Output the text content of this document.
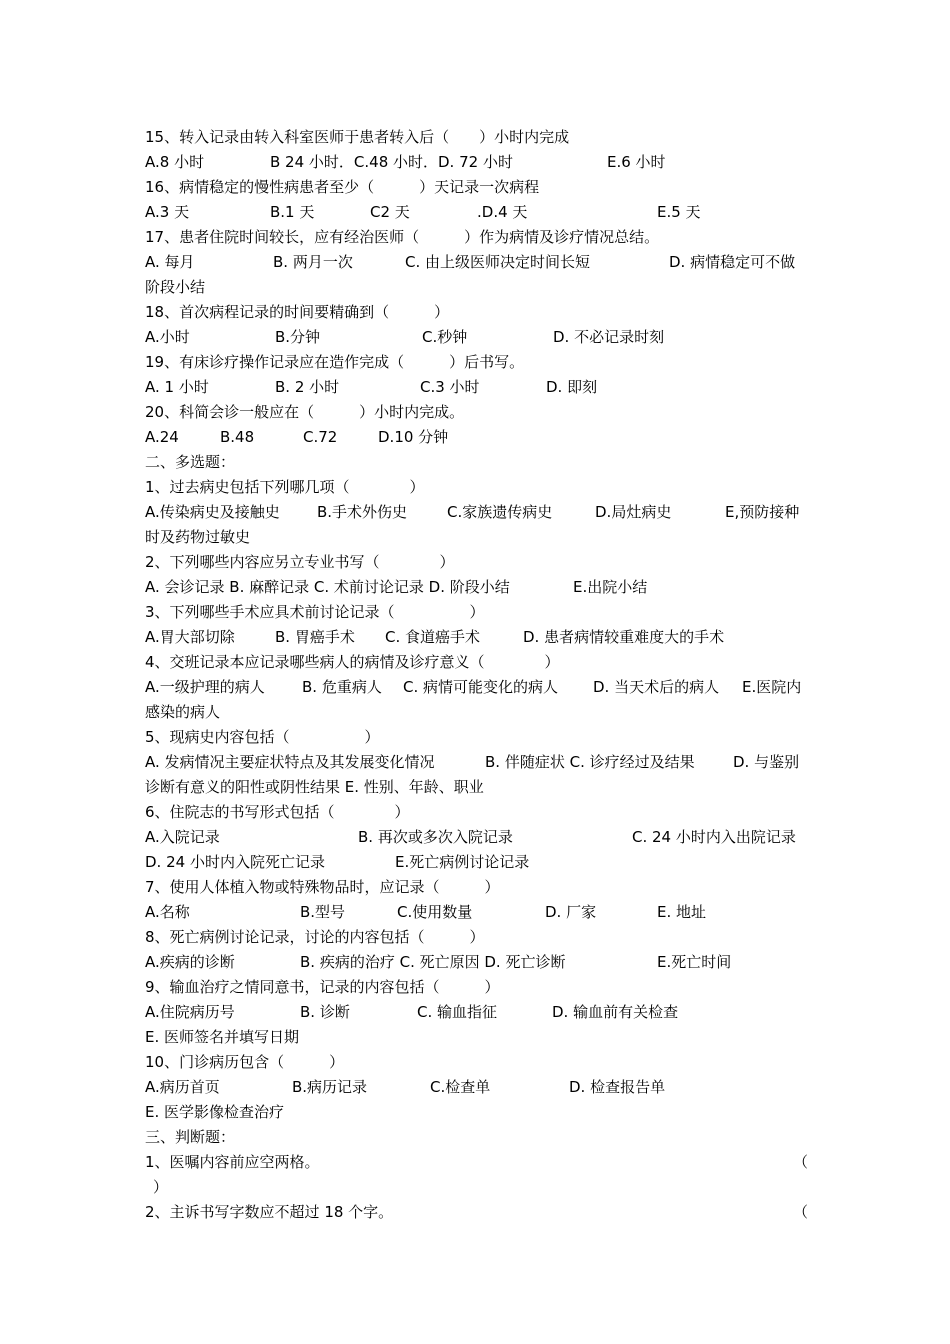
15、转入记录由转入科室医师于患者转入后（　　）小时内完成
A.8 小时	B 24 小时．C.48 小时．D. 72 小时	E.6 小时
16、病情稳定的慢性病患者至少（　　　）天记录一次病程
A.3 天	B.1 天	C2 天	.D.4 天	E.5 天
17、患者住院时间较长，应有经治医师（　　　）作为病情及诊疗情况总结。
A. 每月	B. 两月一次	C. 由上级医师决定时间长短	D. 病情稳定可不做
阶段小结
18、首次病程记录的时间要精确到（　　　）
A.小时	B.分钟	C.秒钟	D. 不必记录时刻
19、有床诊疗操作记录应在造作完成（　　　）后书写。
A. 1 小时	B. 2 小时	C.3 小时	D. 即刻
20、科简会诊一般应在（　　　）小时内完成。
A.24	B.48	C.72	D.10 分钟
二、多选题：
1、过去病史包括下列哪几项（　　　　）
A.传染病史及接触史 B.手术外伤史	C.家族遗传病史	D.局灶病史	E,预防接种
时及药物过敏史
2、下列哪些内容应另立专业书写（　　　　）
A. 会诊记录 B. 麻醉记录 C. 术前讨论记录 D. 阶段小结	E.出院小结
3、下列哪些手术应具术前讨论记录（　　　　　）
A.胃大部切除	B. 胃癌手术 C. 食道癌手术	D. 患者病情较重难度大的手术
4、交班记录本应记录哪些病人的病情及诊疗意义（　　　　）
A.一级护理的病人 B. 危重病人 C. 病情可能变化的病人 D. 当天术后的病人 E.医院内
感染的病人
5、现病史内容包括（　　　　　）
A. 发病情况主要症状特点及其发展变化情况	B. 伴随症状 C. 诊疗经过及结果	D. 与鉴别
诊断有意义的阳性或阴性结果 E. 性别、年龄、职业
6、住院志的书写形式包括（　　　　）
A.入院记录	B. 再次或多次入院记录	C. 24 小时内入出院记录
D. 24 小时内入院死亡记录	E.死亡病例讨论记录
7、使用人体植入物或特殊物品时，应记录（　　　）
A.名称	B.型号	C.使用数量	D. 厂家	E. 地址
8、死亡病例讨论记录，讨论的内容包括（　　　）
A.疾病的诊断	B. 疾病的治疗 C. 死亡原因 D. 死亡诊断	E.死亡时间
9、输血治疗之情同意书，记录的内容包括（　　　）
A.住院病历号	B. 诊断	C. 输血指征	D. 输血前有关检查
E. 医师签名并填写日期
10、门诊病历包含（　　　）
A.病历首页	B.病历记录	C.检查单	D. 检查报告单
E. 医学影像检查治疗
三、判断题：
1、医嘱内容前应空两格。	（
）
2、主诉书写字数应不超过 18 个字。	（
